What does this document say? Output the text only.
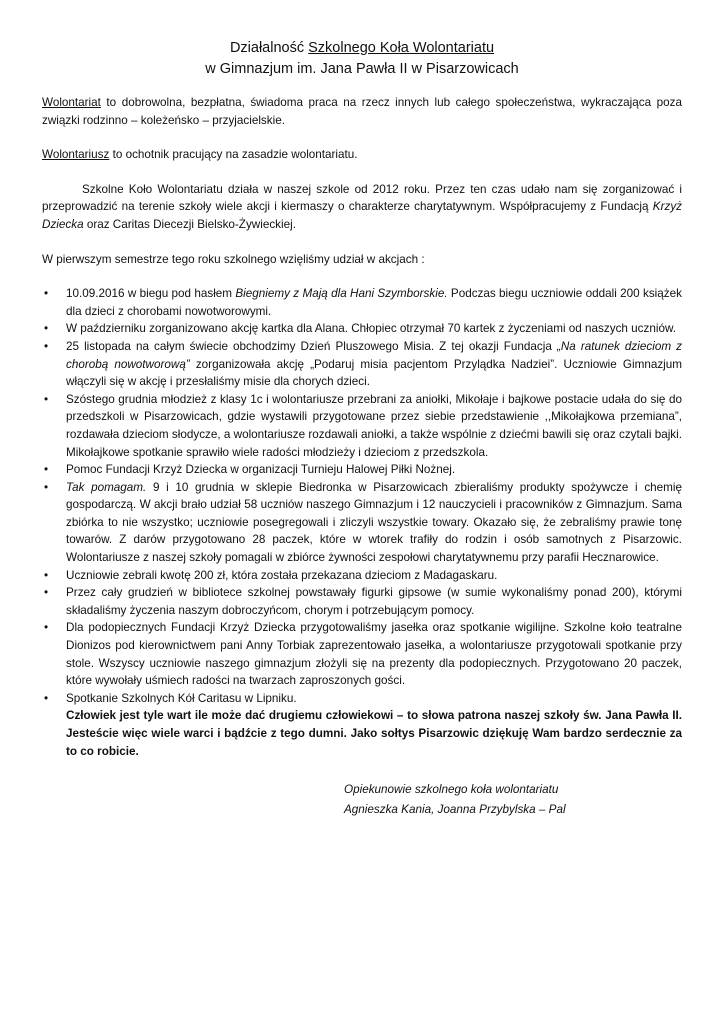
Działalność Szkolnego Koła Wolontariatu
w Gimnazjum im. Jana Pawła II w Pisarzowicach

Wolontariat to dobrowolna, bezpłatna, świadoma praca na rzecz innych lub całego społeczeństwa, wykraczająca poza związki rodzinno – koleżeńsko – przyjacielskie.

Wolontariusz to ochotnik pracujący na zasadzie wolontariatu.

Szkolne Koło Wolontariatu działa w naszej szkole od 2012 roku. Przez ten czas udało nam się zorganizować i przeprowadzić na terenie szkoły wiele akcji i kiermaszy o charakterze charytatywnym. Współpracujemy z Fundacją Krzyż Dziecka oraz Caritas Diecezji Bielsko-Żywieckiej.

W pierwszym semestrze tego roku szkolnego wzięliśmy udział w akcjach :

•	10.09.2016 w biegu pod hasłem Biegniemy z Mają dla Hani Szymborskie. Podczas biegu uczniowie oddali 200 książek dla dzieci z chorobami nowotworowymi.
•	W październiku zorganizowano akcję kartka dla Alana. Chłopiec otrzymał 70 kartek z życzeniami od naszych uczniów.
•	25 listopada na całym świecie obchodzimy Dzień Pluszowego Misia. Z tej okazji Fundacja „Na ratunek dzieciom z chorobą nowotworową” zorganizowała akcję „Podaruj misia pacjentom Przylądka Nadziei”. Uczniowie Gimnazjum włączyli się w akcję i przesłaliśmy misie dla chorych dzieci.
•	Szóstego grudnia młodzież z klasy 1c i wolontariusze przebrani za aniołki, Mikołaje i bajkowe postacie udała do się do przedszkoli w Pisarzowicach, gdzie wystawili przygotowane przez siebie przedstawienie ,,Mikołajkowa przemiana”, rozdawała dzieciom słodycze, a wolontariusze rozdawali aniołki, a także wspólnie z dziećmi bawili się oraz czytali bajki. Mikołajkowe spotkanie sprawiło wiele radości młodzieży i dzieciom z przedszkola.
•	Pomoc Fundacji Krzyż Dziecka w organizacji Turnieju Halowej Piłki Nożnej.
•	Tak pomagam. 9 i 10 grudnia w sklepie Biedronka w Pisarzowicach zbieraliśmy produkty spożywcze i chemię gospodarczą. W akcji brało udział 58 uczniów naszego Gimnazjum i 12 nauczycieli i pracowników z Gimnazjum. Sama zbiórka to nie wszystko; uczniowie posegregowali i zliczyli wszystkie towary. Okazało się, że zebraliśmy prawie tonę towarów. Z darów przygotowano 28 paczek, które w wtorek trafiły do rodzin i osób samotnych z Pisarzowic. Wolontariusze z naszej szkoły pomagali w zbiórce żywności zespołowi charytatywnemu przy parafii Hecznarowice.
•	Uczniowie zebrali kwotę 200 zł, która została przekazana dzieciom z Madagaskaru.
•	Przez cały grudzień w bibliotece szkolnej powstawały figurki gipsowe (w sumie wykonaliśmy ponad 200), którymi składaliśmy życzenia naszym dobroczyńcom, chorym i potrzebującym pomocy.
•	Dla podopiecznych Fundacji Krzyż Dziecka przygotowaliśmy jasełka oraz spotkanie wigilijne. Szkolne koło teatralne Dionizos pod kierownictwem pani Anny Torbiak zaprezentowało jasełka, a wolontariusze przygotowali spotkanie przy stole. Wszyscy uczniowie naszego gimnazjum złożyli się na prezenty dla podopiecznych. Przygotowano 20 paczek, które wywołały uśmiech radości na twarzach zaproszonych gości.
•	Spotkanie Szkolnych Kół Caritasu w Lipniku.
Człowiek jest tyle wart ile może dać drugiemu człowiekowi – to słowa patrona naszej szkoły św. Jana Pawła II. Jesteście więc wiele warci i bądźcie z tego dumni. Jako sołtys Pisarzowic dziękuję Wam bardzo serdecznie za to co robicie.
Opiekunowie szkolnego koła wolontariatu
Agnieszka Kania, Joanna Przybylska – Pal
